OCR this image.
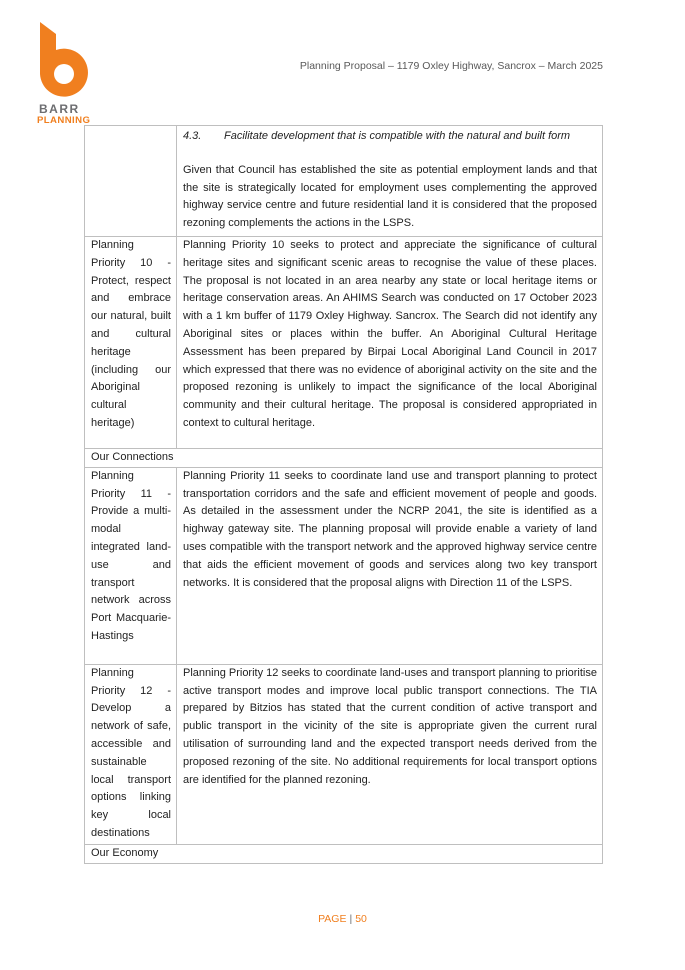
BARR
PLANNING
Planning Proposal – 1179 Oxley Highway, Sancrox – March 2025

	4.3. Facilitate development that is compatible with the natural and built form
Given that Council has established the site as potential employment lands and that the site is strategically located for employment uses complementing the approved highway service centre and future residential land it is considered that the proposed rezoning complements the actions in the LSPS.

Planning Priority 10 - Protect, respect and embrace our natural, built and cultural heritage (including our Aboriginal cultural heritage)	Planning Priority 10 seeks to protect and appreciate the significance of cultural heritage sites and significant scenic areas to recognise the value of these places. The proposal is not located in an area nearby any state or local heritage items or heritage conservation areas. An AHIMS Search was conducted on 17 October 2023 with a 1 km buffer of 1179 Oxley Highway. Sancrox. The Search did not identify any Aboriginal sites or places within the buffer. An Aboriginal Cultural Heritage Assessment has been prepared by Birpai Local Aboriginal Land Council in 2017 which expressed that there was no evidence of aboriginal activity on the site and the proposed rezoning is unlikely to impact the significance of the local Aboriginal community and their cultural heritage. The proposal is considered appropriated in context to cultural heritage.
Our Connections	
Planning Priority 11 - Provide a multi-modal integrated land-use and transport network across Port Macquarie-Hastings	Planning Priority 11 seeks to coordinate land use and transport planning to protect transportation corridors and the safe and efficient movement of people and goods. As detailed in the assessment under the NCRP 2041, the site is identified as a highway gateway site. The planning proposal will provide enable a variety of land uses compatible with the transport network and the approved highway service centre that aids the efficient movement of goods and services along two key transport networks. It is considered that the proposal aligns with Direction 11 of the LSPS.
Planning Priority 12 - Develop a network of safe, accessible and sustainable local transport options linking key local destinations	Planning Priority 12 seeks to coordinate land-uses and transport planning to prioritise active transport modes and improve local public transport connections. The TIA prepared by Bitzios has stated that the current condition of active transport and public transport in the vicinity of the site is appropriate given the current rural utilisation of surrounding land and the expected transport needs derived from the proposed rezoning of the site. No additional requirements for local transport options are identified for the planned rezoning.
Our Economy	
PAGE | 50
